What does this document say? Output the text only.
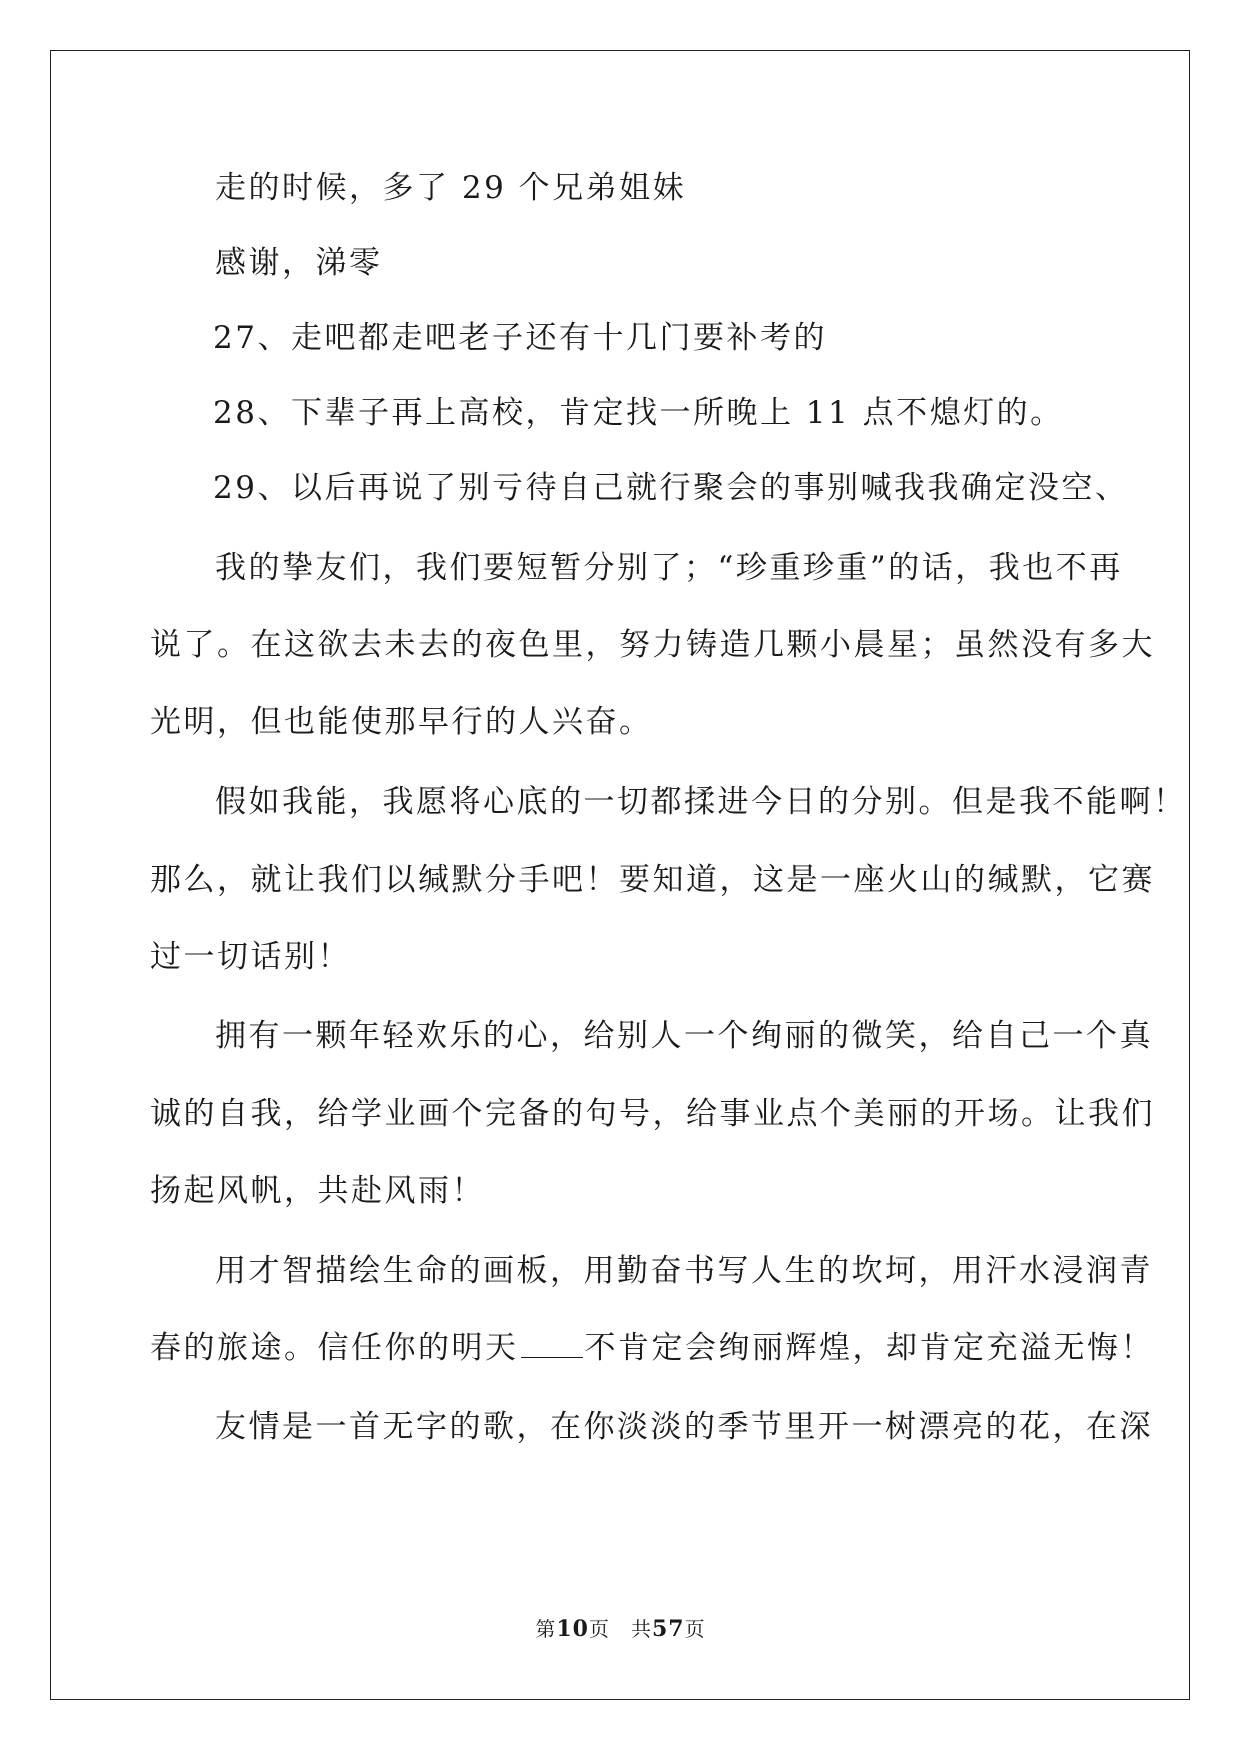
走的时候，多了 29 个兄弟姐妹
感谢，涕零
27、走吧都走吧老子还有十几门要补考的
28、下辈子再上高校，肯定找一所晚上 11 点不熄灯的。
29、以后再说了别亏待自己就行聚会的事别喊我我确定没空、
我的挚友们，我们要短暂分别了；“珍重珍重”的话，我也不再
说了。在这欲去未去的夜色里，努力铸造几颗小晨星；虽然没有多大
光明，但也能使那早行的人兴奋。
假如我能，我愿将心底的一切都揉进今日的分别。但是我不能啊！
那么，就让我们以缄默分手吧！要知道，这是一座火山的缄默，它赛
过一切话别！
拥有一颗年轻欢乐的心，给别人一个绚丽的微笑，给自己一个真
诚的自我，给学业画个完备的句号，给事业点个美丽的开场。让我们
扬起风帆，共赴风雨！
用才智描绘生命的画板，用勤奋书写人生的坎坷，用汗水浸润青
春的旅途。信任你的明天 不肯定会绚丽辉煌，却肯定充溢无悔！
友情是一首无字的歌，在你淡淡的季节里开一树漂亮的花，在深
第10页　共57页
